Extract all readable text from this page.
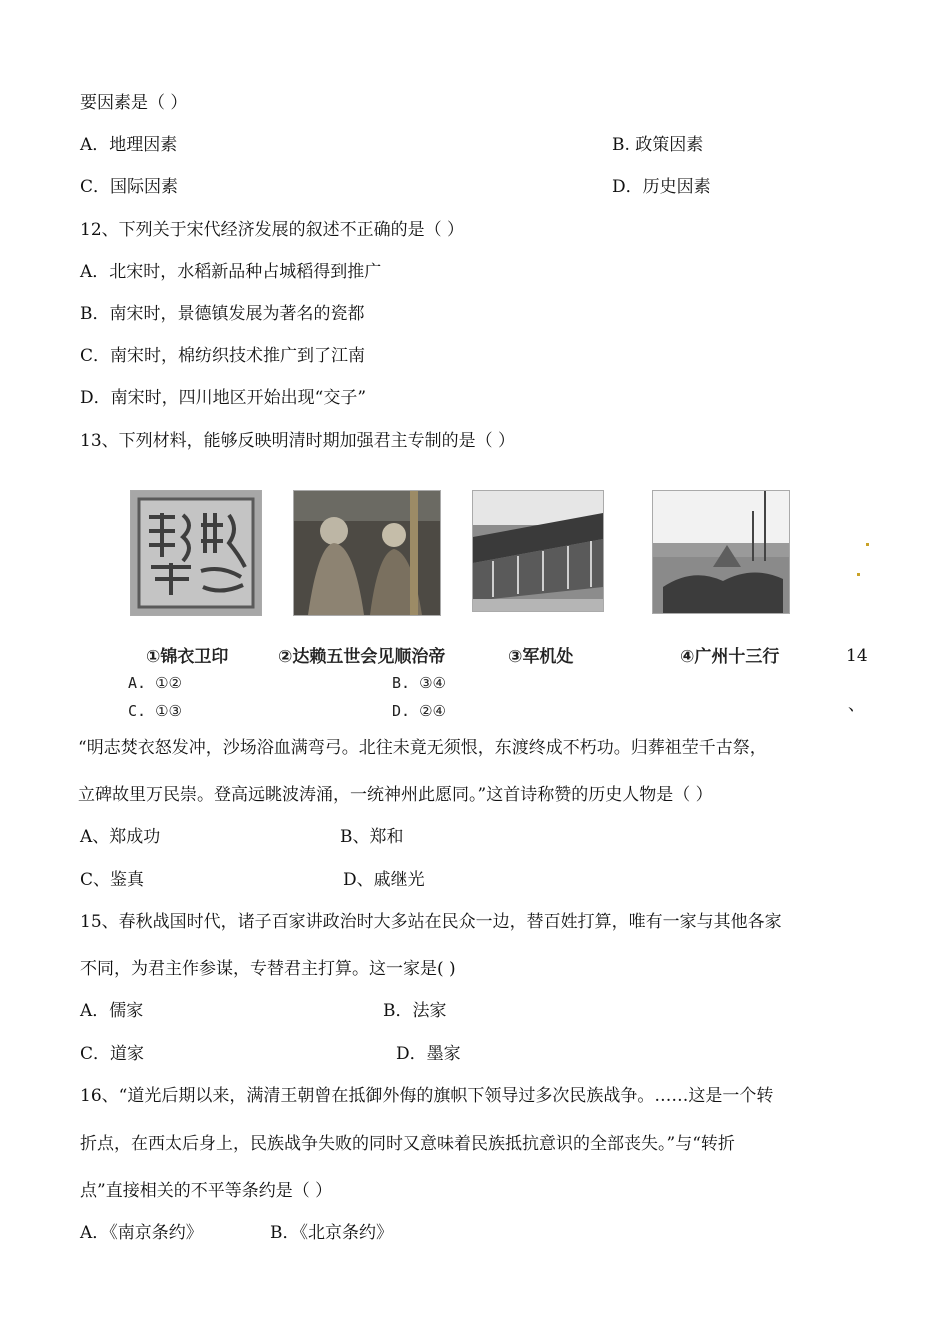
要因素是（ ）
A．地理因素	B. 政策因素
C．国际因素	D．历史因素
12、下列关于宋代经济发展的叙述不正确的是（ ）
A．北宋时，水稻新品种占城稻得到推广
B．南宋时，景德镇发展为著名的瓷都
C．南宋时，棉纺织技术推广到了江南
D．南宋时，四川地区开始出现“交子”
13、下列材料，能够反映明清时期加强君主专制的是（ ）
①锦衣卫印	②达赖五世会见顺治帝	③军机处	④广州十三行	14
A. ①②	B. ③④
C. ①③	D. ②④	、
“明志焚衣怒发冲，沙场浴血满弯弓。北往未竟无须恨，东渡终成不朽功。归葬祖茔千古祭，
立碑故里万民崇。登高远眺波涛涌，一统神州此愿同。”这首诗称赞的历史人物是（ ）
A、郑成功	B、郑和
C、鉴真	D、戚继光
15、春秋战国时代，诸子百家讲政治时大多站在民众一边，替百姓打算，唯有一家与其他各家
不同，为君主作参谋，专替君主打算。这一家是( )
A．儒家	B．法家
C．道家	D．墨家
16、“道光后期以来，满清王朝曾在抵御外侮的旗帜下领导过多次民族战争。……这是一个转
折点，在西太后身上，民族战争失败的同时又意味着民族抵抗意识的全部丧失。”与“转折
点”直接相关的不平等条约是（ ）
A．《南京条约》	B．《北京条约》
